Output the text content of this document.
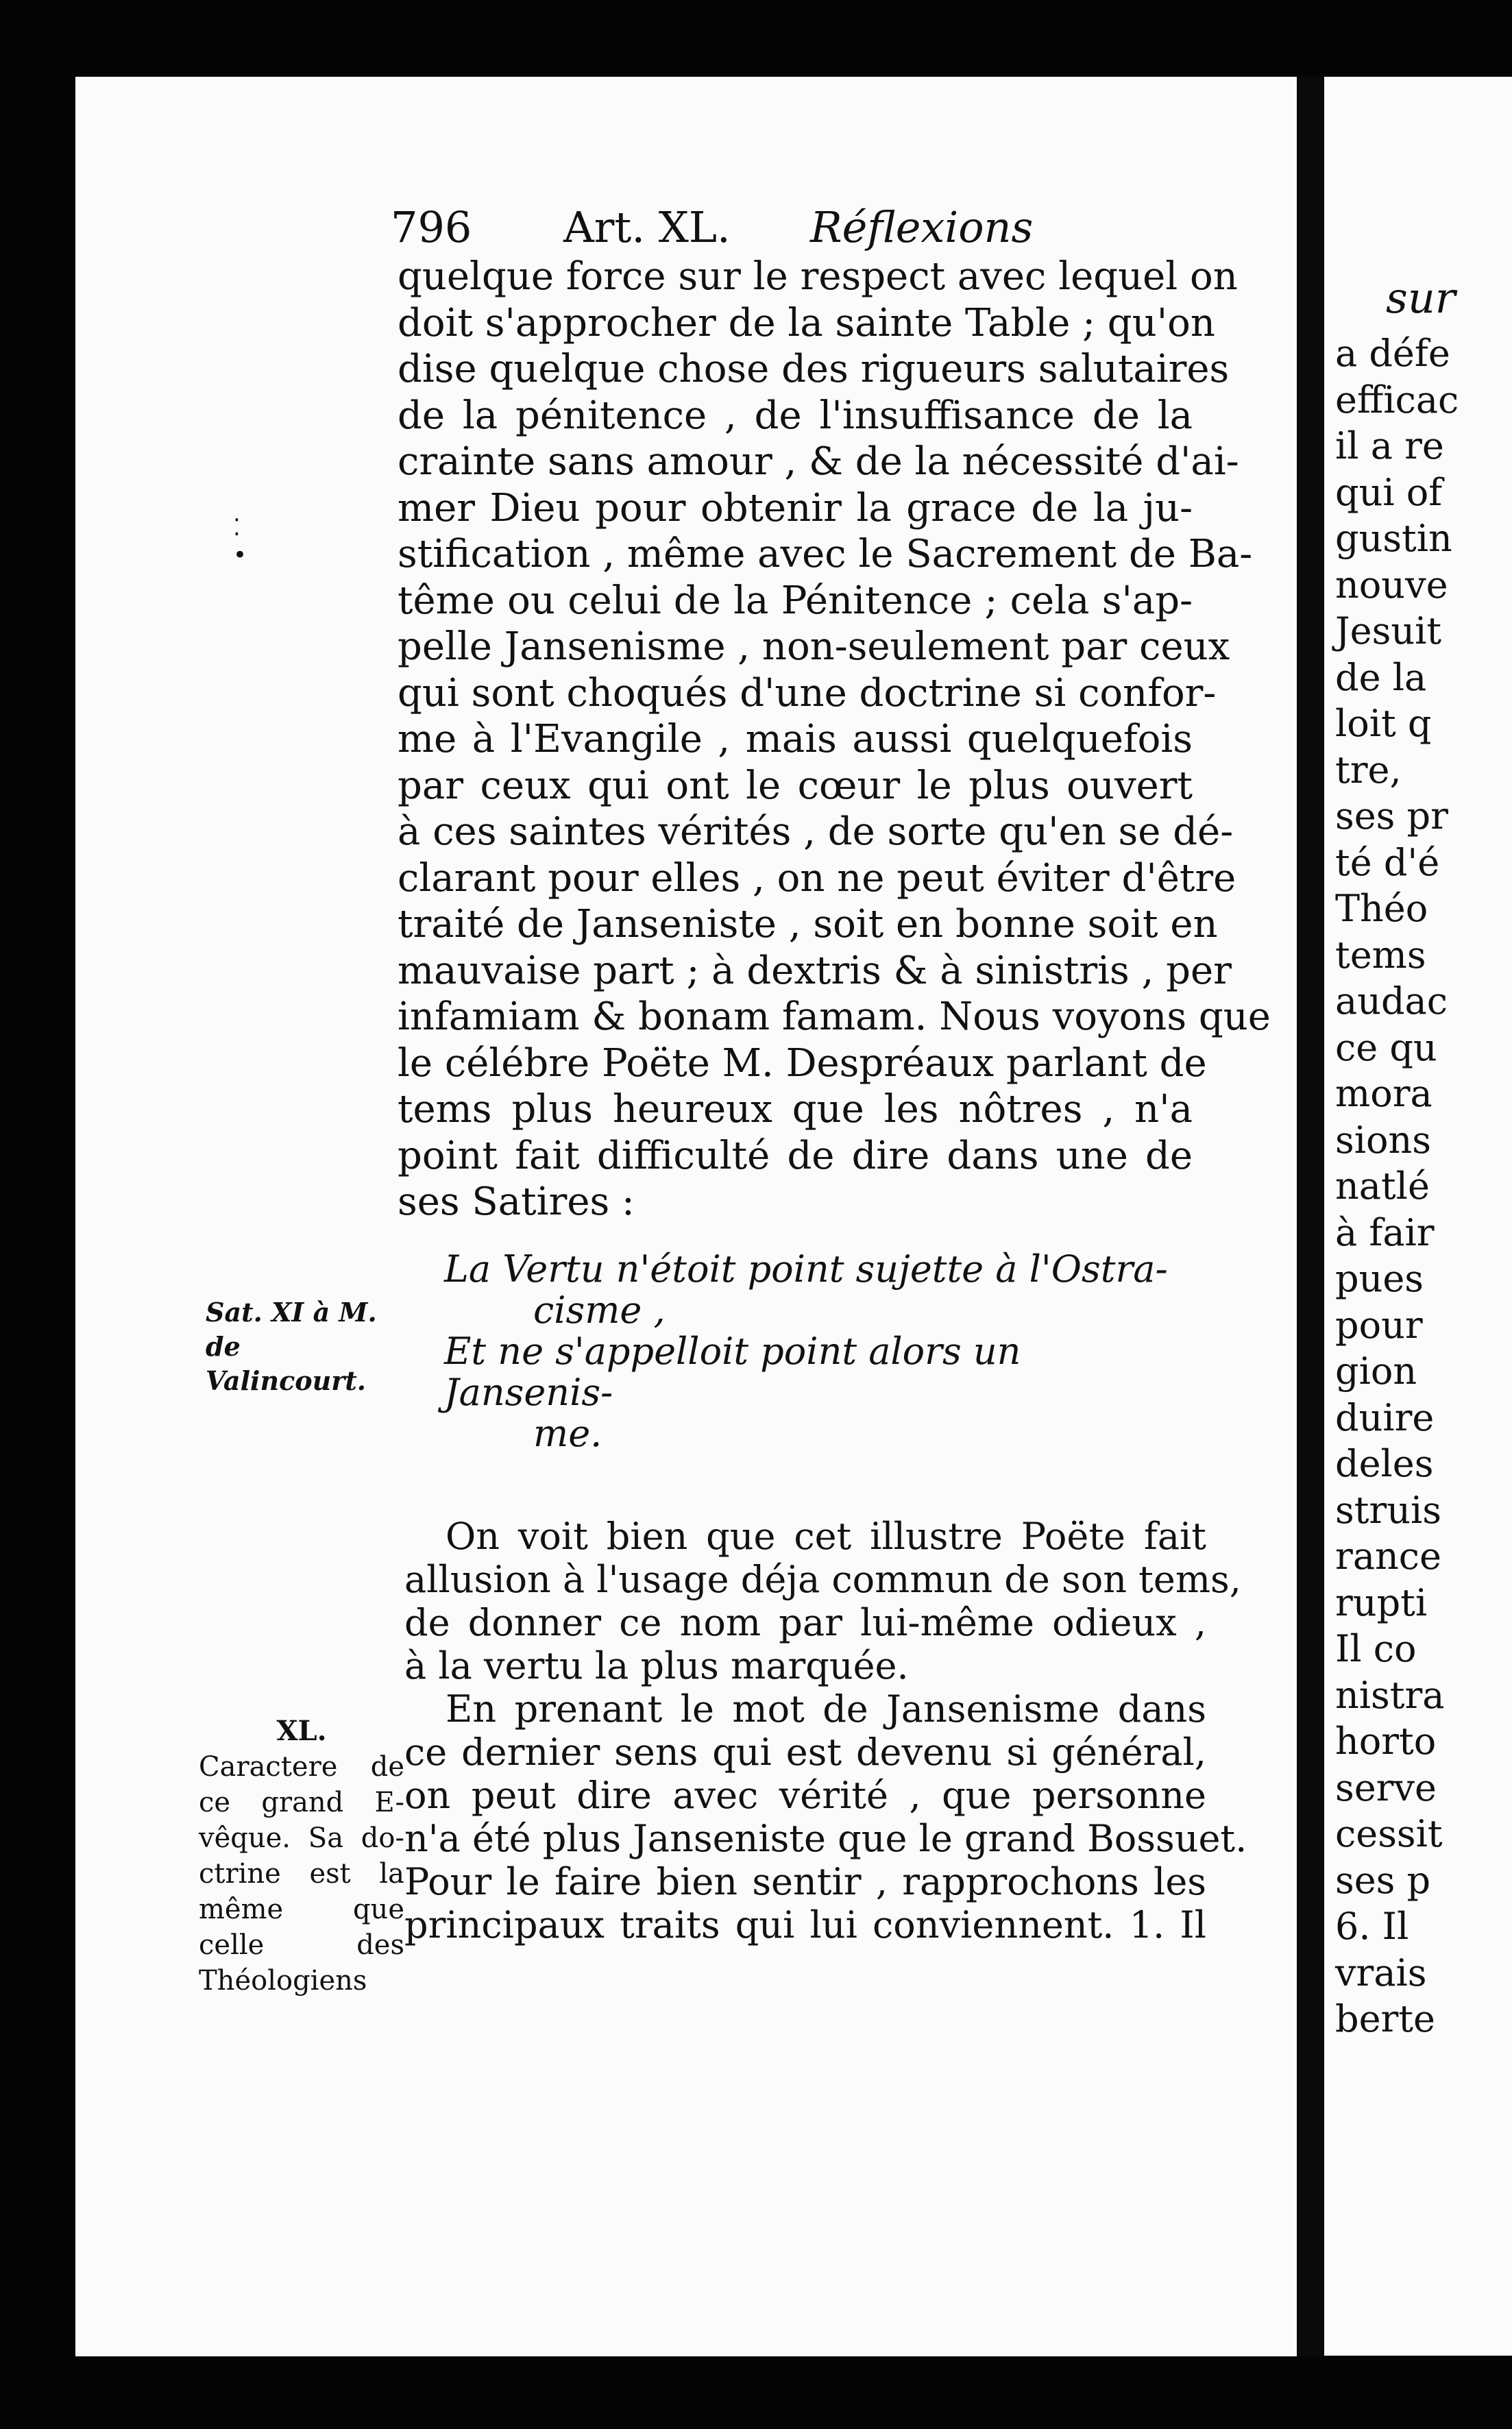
sur
a défe
efficac
il a re
qui of
gustin
nouve
Jesuit
de la
loit q
tre,
ses pr
té d'é
Théo
tems
audac
ce qu
mora
sions
natlé
à fair
pues
pour
gion
duire
deles
struis
rance
rupti
Il co
nistra
horto
serve
cessit
ses p
6. Il
vrais
berte
796 Art. XL. Réflexions
⁚
•
quelque force sur le respect avec lequel on
doit s'approcher de la sainte Table ; qu'on
dise quelque chose des rigueurs salutaires
de la pénitence , de l'insuffisance de la
crainte sans amour , & de la nécessité d'ai-
mer Dieu pour obtenir la grace de la ju-
stification , même avec le Sacrement de Ba-
tême ou celui de la Pénitence ; cela s'ap-
pelle Jansenisme , non-seulement par ceux
qui sont choqués d'une doctrine si confor-
me à l'Evangile , mais aussi quelquefois
par ceux qui ont le cœur le plus ouvert
à ces saintes vérités , de sorte qu'en se dé-
clarant pour elles , on ne peut éviter d'être
traité de Janseniste , soit en bonne soit en
mauvaise part ; à dextris & à sinistris , per
infamiam & bonam famam. Nous voyons que
le célébre Poëte M. Despréaux parlant de
tems plus heureux que les nôtres , n'a
point fait difficulté de dire dans une de
ses Satires :
Sat. XI à M.
de Valincourt.
La Vertu n'étoit point sujette à l'Ostra-
cisme ,
Et ne s'appelloit point alors un Jansenis-
me.
On voit bien que cet illustre Poëte fait
allusion à l'usage déja commun de son tems,
de donner ce nom par lui-même odieux ,
à la vertu la plus marquée.
En prenant le mot de Jansenisme dans
ce dernier sens qui est devenu si général,
on peut dire avec vérité , que personne
n'a été plus Janseniste que le grand Bossuet.
Pour le faire bien sentir , rapprochons les
principaux traits qui lui conviennent. 1. Il
XL.
Caractere de
ce grand E-
vêque. Sa do-
ctrine est la
même que
celle des
Théologiens
